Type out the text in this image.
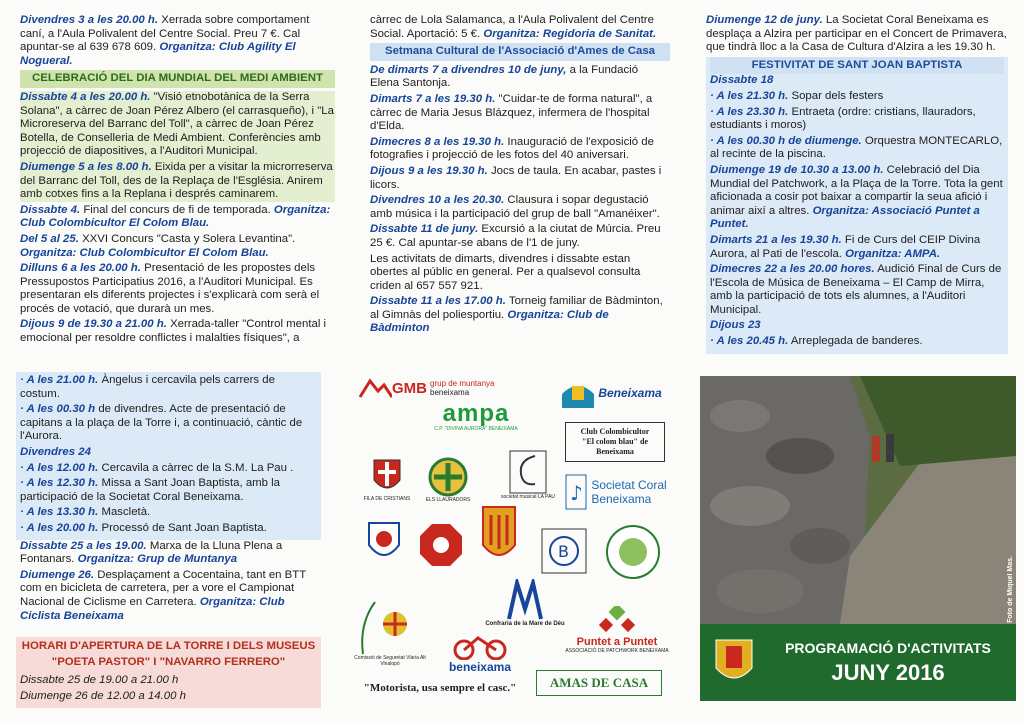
Divendres 3 a les 20.00 h. Xerrada sobre comportament caní, a l'Aula Polivalent del Centre Social. Preu 7 €. Cal apuntar-se al 639 678 609. Organitza: Club Agility El Nogueral.

CELEBRACIÓ DEL DIA MUNDIAL DEL MEDI AMBIENT

Dissabte 4 a les 20.00 h. "Visió etnobotànica de la Serra Solana", a càrrec de Joan Pérez Albero (el carrasqueño), i "La Microreserva del Barranc del Toll", a càrrec de Joan Pérez Botella, de Conselleria de Medi Ambient. Conferències amb projecció de diapositives, a l'Auditori Municipal.

Diumenge 5 a les 8.00 h. Eixida per a visitar la microrreserva del Barranc del Toll, des de la Replaça de l'Església. Anirem amb cotxes fins a la Replana i després caminarem.

Dissabte 4. Final del concurs de fi de temporada. Organitza: Club Colombicultor El Colom Blau.

Del 5 al 25. XXVI Concurs "Casta y Solera Levantina". Organitza: Club Colombicultor El Colom Blau.

Dilluns 6 a les 20.00 h. Presentació de les propostes dels Pressupostos Participatius 2016, a l'Auditori Municipal. Es presentaran els diferents projectes i s'explicarà com serà el procés de votació, que durarà un mes.

Dijous 9 de 19.30 a 21.00 h. Xerrada-taller "Control mental i emocional per resoldre conflictes i malalties físiques", a

càrrec de Lola Salamanca, a l'Aula Polivalent del Centre Social. Aportació: 5 €. Organitza: Regidoria de Sanitat.

Setmana Cultural de l'Associació d'Ames de Casa

De dimarts 7 a divendres 10 de juny, a la Fundació Elena Santonja.

Dimarts 7 a les 19.30 h. "Cuidar-te de forma natural", a càrrec de Maria Jesus Blázquez, infermera de l'hospital d'Elda.

Dimecres 8 a les 19.30 h. Inauguració de l'exposició de fotografies i projecció de les fotos del 40 aniversari.

Dijous 9 a les 19.30 h. Jocs de taula. En acabar, pastes i licors.

Divendres 10 a les 20.30. Clausura i sopar degustació amb música i la participació del grup de ball "Amanéixer".

Dissabte 11 de juny. Excursió a la ciutat de Múrcia. Preu 25 €. Cal apuntar-se abans de l'1 de juny.

Les activitats de dimarts, divendres i dissabte estan obertes al públic en general. Per a qualsevol consulta criden al 657 557 921.

Dissabte 11 a les 17.00 h. Torneig familiar de Bàdminton, al Gimnàs del poliesportiu. Organitza: Club de Bàdminton

Diumenge 12 de juny. La Societat Coral Beneixama es desplaça a Alzira per participar en el Concert de Primavera, que tindrà lloc a la Casa de Cultura d'Alzira a les 19.30 h.

FESTIVITAT DE SANT JOAN BAPTISTA

Dissabte 18

· A les 21.30 h. Sopar dels festers

· A les 23.30 h. Entraeta (ordre: cristians, llauradors, estudiants i moros)

· A les 00.30 h de diumenge. Orquestra MONTECARLO, al recinte de la piscina.

Diumenge 19 de 10.30 a 13.00 h. Celebració del Dia Mundial del Patchwork, a la Plaça de la Torre. Tota la gent aficionada a cosir pot baixar a compartir la seua afició i animar així a altres. Organitza: Associació Puntet a Puntet.

Dimarts 21 a les 19.30 h. Fi de Curs del CEIP Divina Aurora, al Pati de l'escola. Organitza: AMPA.

Dimecres 22 a les 20.00 hores. Audició Final de Curs de l'Escola de Música de Beneixama – El Camp de Mirra, amb la participació de tots els alumnes, a l'Auditori Municipal.

Dijous 23

· A les 20.45 h. Arreplegada de banderes.

· A les 21.00 h. Àngelus i cercavila pels carrers de costum.

· A les 00.30 h de divendres. Acte de presentació de capitans a la plaça de la Torre i, a continuació, càntic de l'Aurora.

Divendres 24

· A les 12.00 h. Cercavila a càrrec de la S.M. La Pau .

· A les 12.30 h. Missa a Sant Joan Baptista, amb la participació de la Societat Coral Beneixama.

· A les 13.30 h. Mascletà.

· A les 20.00 h. Processó de Sant Joan Baptista.

Dissabte 25 a les 19.00. Marxa de la Lluna Plena a Fontanars. Organitza: Grup de Muntanya

Diumenge 26. Desplaçament a Cocentaina, tant en BTT com en bicicleta de carretera, per a vore el Campionat Nacional de Ciclisme en Carretera. Organitza: Club Ciclista Beneixama

HORARI D'APERTURA DE LA TORRE I DELS MUSEUS

"POETA PASTOR" I "NAVARRO FERRERO"

Dissabte 25 de 19.00 a 21.00 h

Diumenge 26 de 12.00 a 14.00 h

GMB grup de muntanya
beneixama
ampa
C.P. "DIVINA AURORA" BENEIXAMA
Beneixama
Club Colombicultor
"El colom blau" de
Beneixama
FILA DE CRISTIANS	ELS LLAURADORS	societat musical LA PAU ♪ Societat Coral
Beneixama
B
Confraria de la Mare de Déu
Comissió de Seguretat Viària Alt Vinalopó	beneixama
Puntet a Puntet
ASSOCIACIÓ DE PATCHWORK BENEIXAMA
"Motorista, usa sempre el casc."	AMAS DE CASA
Foto de Miquel Mas.
PROGRAMACIÓ D'ACTIVITATS
JUNY 2016
